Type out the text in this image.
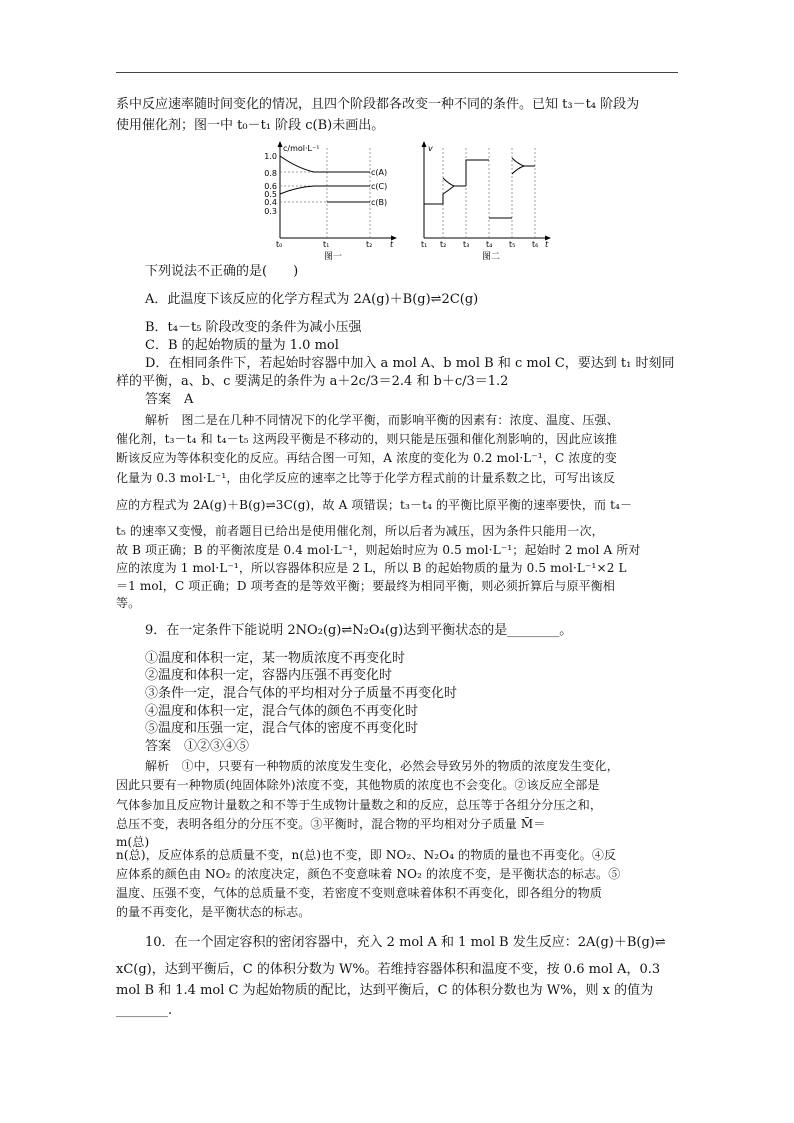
系中反应速率随时间变化的情况，且四个阶段都各改变一种不同的条件。已知 t₃－t₄ 阶段为
使用催化剂；图一中 t₀－t₁ 阶段 c(B)未画出。
c/mol·L⁻¹
1.0
0.8
0.6
0.5
0.4
0.3
c(A)
c(C)
c(B)
t₀	t₁	t₂ t
图一
v
t₁ t₂ t₃ t₄ t₅ t₆ t
图二
下列说法不正确的是(　　)
A．此温度下该反应的化学方程式为 2A(g)＋B(g)⇌2C(g)
B．t₄－t₅ 阶段改变的条件为减小压强
C．B 的起始物质的量为 1.0 mol
D．在相同条件下，若起始时容器中加入 a mol A、b mol B 和 c mol C，要达到 t₁ 时刻同
样的平衡，a、b、c 要满足的条件为 a＋2c/3＝2.4 和 b＋c/3＝1.2
答案　A
解析　图二是在几种不同情况下的化学平衡，而影响平衡的因素有：浓度、温度、压强、
催化剂，t₃－t₄ 和 t₄－t₅ 这两段平衡是不移动的，则只能是压强和催化剂影响的，因此应该推
断该反应为等体积变化的反应。再结合图一可知，A 浓度的变化为 0.2 mol·L⁻¹，C 浓度的变
化量为 0.3 mol·L⁻¹，由化学反应的速率之比等于化学方程式前的计量系数之比，可写出该反
应的方程式为 2A(g)＋B(g)⇌3C(g)，故 A 项错误；t₃－t₄ 的平衡比原平衡的速率要快，而 t₄－
t₅ 的速率又变慢，前者题目已给出是使用催化剂，所以后者为减压，因为条件只能用一次，
故 B 项正确；B 的平衡浓度是 0.4 mol·L⁻¹，则起始时应为 0.5 mol·L⁻¹；起始时 2 mol A 所对
应的浓度为 1 mol·L⁻¹，所以容器体积应是 2 L，所以 B 的起始物质的量为 0.5 mol·L⁻¹×2 L
＝1 mol，C 项正确；D 项考查的是等效平衡；要最终为相同平衡，则必须折算后与原平衡相
等。
9．在一定条件下能说明 2NO₂(g)⇌N₂O₄(g)达到平衡状态的是________。
①温度和体积一定，某一物质浓度不再变化时
②温度和体积一定，容器内压强不再变化时
③条件一定，混合气体的平均相对分子质量不再变化时
④温度和体积一定，混合气体的颜色不再变化时
⑤温度和压强一定，混合气体的密度不再变化时
答案　①②③④⑤
解析　①中，只要有一种物质的浓度发生变化，必然会导致另外的物质的浓度发生变化，
因此只要有一种物质(纯固体除外)浓度不变，其他物质的浓度也不会变化。②该反应全部是
气体参加且反应物计量数之和不等于生成物计量数之和的反应，总压等于各组分分压之和，
总压不变，表明各组分的分压不变。③平衡时，混合物的平均相对分子质量 M̄＝
m(总)
n(总)，反应体系的总质量不变，n(总)也不变，即 NO₂、N₂O₄ 的物质的量也不再变化。④反
应体系的颜色由 NO₂ 的浓度决定，颜色不变意味着 NO₂ 的浓度不变，是平衡状态的标志。⑤
温度、压强不变，气体的总质量不变，若密度不变则意味着体积不再变化，即各组分的物质
的量不再变化，是平衡状态的标志。
10．在一个固定容积的密闭容器中，充入 2 mol A 和 1 mol B 发生反应：2A(g)＋B(g)⇌
xC(g)，达到平衡后，C 的体积分数为 W%。若维持容器体积和温度不变，按 0.6 mol A，0.3
mol B 和 1.4 mol C 为起始物质的配比，达到平衡后，C 的体积分数也为 W%，则 x 的值为
________.
